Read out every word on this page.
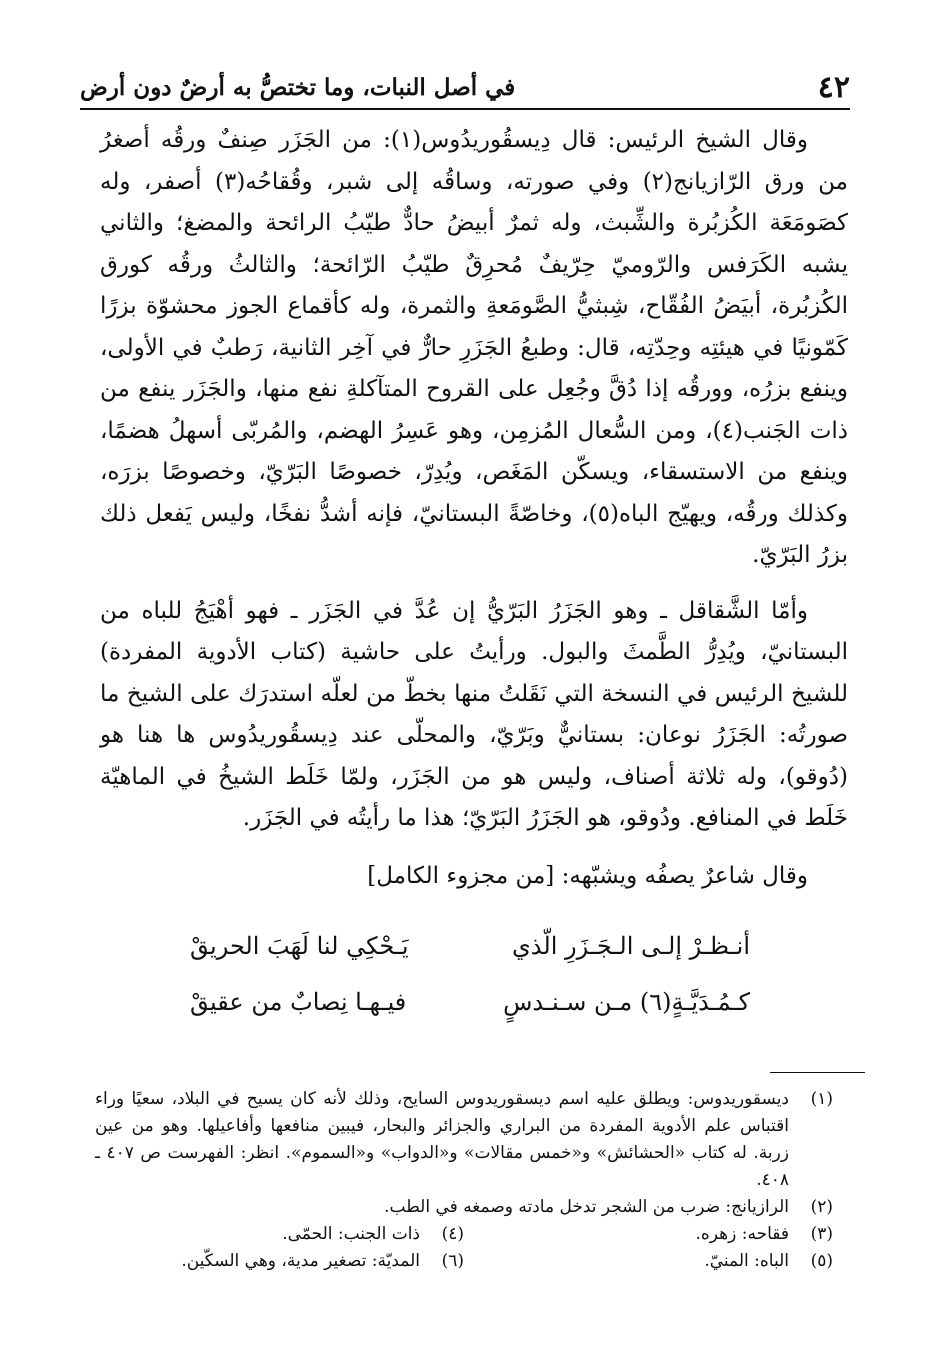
٤٢
في أصل النبات، وما تختصُّ به أرضٌ دون أرض

وقال الشيخ الرئيس: قال دِيسقُوريدُوس(١): من الجَزَر صِنفٌ ورقُه أصغرُ من ورق الرّازيانج(٢) وفي صورته، وساقُه إلى شبر، وقُقاحُه(٣) أصفر، وله كصَومَعَة الكُزبُرة والشِّبث، وله ثمرٌ أبيضُ حادٌّ طيّبُ الرائحة والمضغ؛ والثاني يشبه الكَرَفس والرّوميّ حِرّيفٌ مُحرِقٌ طيّبُ الرّائحة؛ والثالثُ ورقُه كورق الكُزبُرة، أبيَضُ الفُقّاح، شِبثيُّ الصَّومَعةِ والثمرة، وله كأقماع الجوز محشوّة بزرًا كَمّونيًا في هيئتِه وحِدّتِه، قال: وطبعُ الجَزَرِ حارٌّ في آخِر الثانية، رَطبٌ في الأولى، وينفع بزرُه، وورقُه إذا دُقَّ وجُعِل على القروح المتآكلةِ نفع منها، والجَزَر ينفع من ذات الجَنب(٤)، ومن السُّعال المُزمِن، وهو عَسِرُ الهضم، والمُربّى أسهلُ هضمًا، وينفع من الاستسقاء، ويسكّن المَغَص، ويُدِرّ، خصوصًا البَرّيّ، وخصوصًا بزرَه، وكذلك ورقُه، ويهيّج الباه(٥)، وخاصّةً البستانيّ، فإنه أشدُّ نفخًا، وليس يَفعل ذلك بزرُ البَرّيّ.

وأمّا الشَّقاقل ـ وهو الجَزَرُ البَرّيُّ إن عُدَّ في الجَزَر ـ فهو أهْيَجُ للباه من البستانيّ، ويُدِرُّ الطَّمثَ والبول. ورأيتُ على حاشية (كتاب الأدوية المفردة) للشيخ الرئيس في النسخة التي نَقَلتُ منها بخطّ من لعلّه استدرَك على الشيخ ما صورتُه: الجَزَرُ نوعان: بستانيٌّ وبَرّيّ، والمحلّى عند دِيسقُوريدُوس ها هنا هو (دُوقو)، وله ثلاثة أصناف، وليس هو من الجَزَر، ولمّا خَلَط الشيخُ في الماهيّة خَلَط في المنافع. ودُوقو، هو الجَزَرُ البَرّيّ؛ هذا ما رأيتُه في الجَزَر.

وقال شاعرٌ يصفُه ويشبّهه: [من مجزوء الكامل]

أنـظـرْ إلـى الـجَـزَرِ الّذي
يَـحْكِي لنا لَهَبَ الحريقْ
كـمُـدَيَّـةٍ(٦) مـن سـنـدسٍ
فيـهـا نِصابٌ من عقيقْ
(١)
ديسقوريدوس: ويطلق عليه اسم ديسقوريدوس السايح، وذلك لأنه كان يسيح في البلاد، سعيًا وراء اقتباس علم الأدوية المفردة من البراري والجزائر والبحار، فيبين منافعها وأفاعيلها. وهو من عين زربة. له كتاب «الحشائش» و«خمس مقالات» و«الدواب» و«السموم». انظر: الفهرست ص ٤٠٧ ـ ٤٠٨.
(٢)
الرازيانج: ضرب من الشجر تدخل مادته وصمغه في الطب.
(٣)
فقاحه: زهره.
(٤)
ذات الجنب: الحمّى.
(٥)
الباه: المنيّ.
(٦)
المديّة: تصغير مدية، وهي السكّين.
